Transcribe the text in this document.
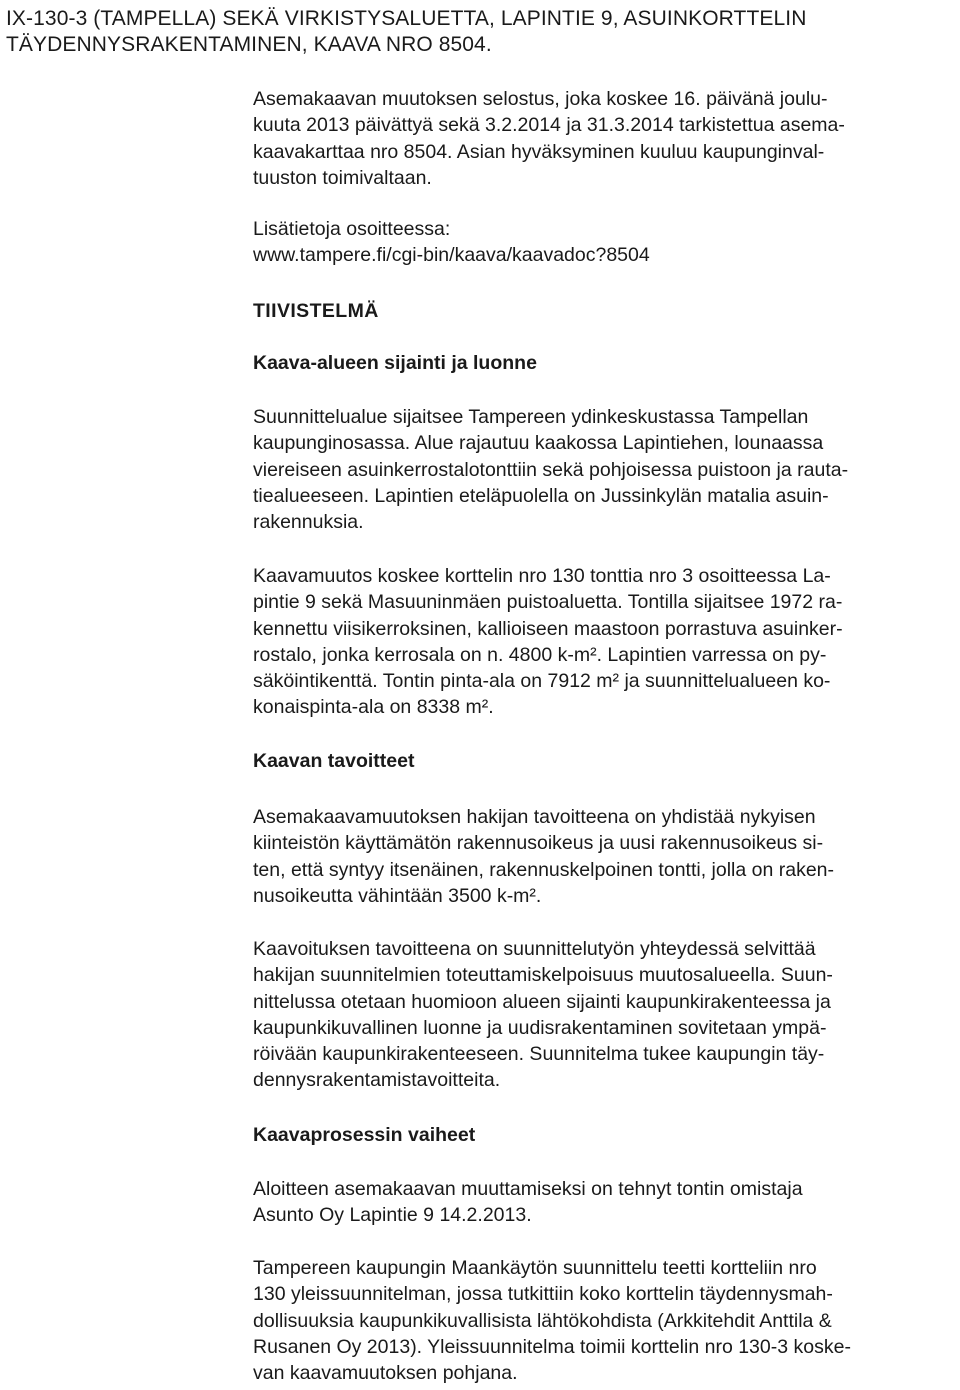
IX-130-3 (TAMPELLA) SEKÄ VIRKISTYSALUETTA, LAPINTIE 9, ASUINKORTTELIN
TÄYDENNYSRAKENTAMINEN, KAAVA NRO 8504.
Asemakaavan muutoksen selostus, joka koskee 16. päivänä joulu-
kuuta 2013 päivättyä sekä 3.2.2014 ja 31.3.2014 tarkistettua asema-
kaavakarttaa nro 8504. Asian hyväksyminen kuuluu kaupunginval-
tuuston toimivaltaan.
Lisätietoja osoitteessa:
www.tampere.fi/cgi-bin/kaava/kaavadoc?8504
TIIVISTELMÄ
Kaava-alueen sijainti ja luonne
Suunnittelualue sijaitsee Tampereen ydinkeskustassa Tampellan
kaupunginosassa. Alue rajautuu kaakossa Lapintiehen, lounaassa
viereiseen asuinkerrostalotonttiin sekä pohjoisessa puistoon ja rauta-
tiealueeseen. Lapintien eteläpuolella on Jussinkylän matalia asuin-
rakennuksia.
Kaavamuutos koskee korttelin nro 130 tonttia nro 3 osoitteessa La-
pintie 9 sekä Masuuninmäen puistoaluetta. Tontilla sijaitsee 1972 ra-
kennettu viisikerroksinen, kallioiseen maastoon porrastuva asuinker-
rostalo, jonka kerrosala on n. 4800 k-m². Lapintien varressa on py-
säköintikenttä. Tontin pinta-ala on 7912 m² ja suunnittelualueen ko-
konaispinta-ala on 8338 m².
Kaavan tavoitteet
Asemakaavamuutoksen hakijan tavoitteena on yhdistää nykyisen
kiinteistön käyttämätön rakennusoikeus ja uusi rakennusoikeus si-
ten, että syntyy itsenäinen, rakennuskelpoinen tontti, jolla on raken-
nusoikeutta vähintään 3500 k-m².
Kaavoituksen tavoitteena on suunnittelutyön yhteydessä selvittää
hakijan suunnitelmien toteuttamiskelpoisuus muutosalueella. Suun-
nittelussa otetaan huomioon alueen sijainti kaupunkirakenteessa ja
kaupunkikuvallinen luonne ja uudisrakentaminen sovitetaan ympä-
röivään kaupunkirakenteeseen. Suunnitelma tukee kaupungin täy-
dennysrakentamistavoitteita.
Kaavaprosessin vaiheet
Aloitteen asemakaavan muuttamiseksi on tehnyt tontin omistaja
Asunto Oy Lapintie 9 14.2.2013.
Tampereen kaupungin Maankäytön suunnittelu teetti kortteliin nro
130 yleissuunnitelman, jossa tutkittiin koko korttelin täydennysmah-
dollisuuksia kaupunkikuvallisista lähtökohdista (Arkkitehdit Anttila &
Rusanen Oy 2013). Yleissuunnitelma toimii korttelin nro 130-3 koske-
van kaavamuutoksen pohjana.
